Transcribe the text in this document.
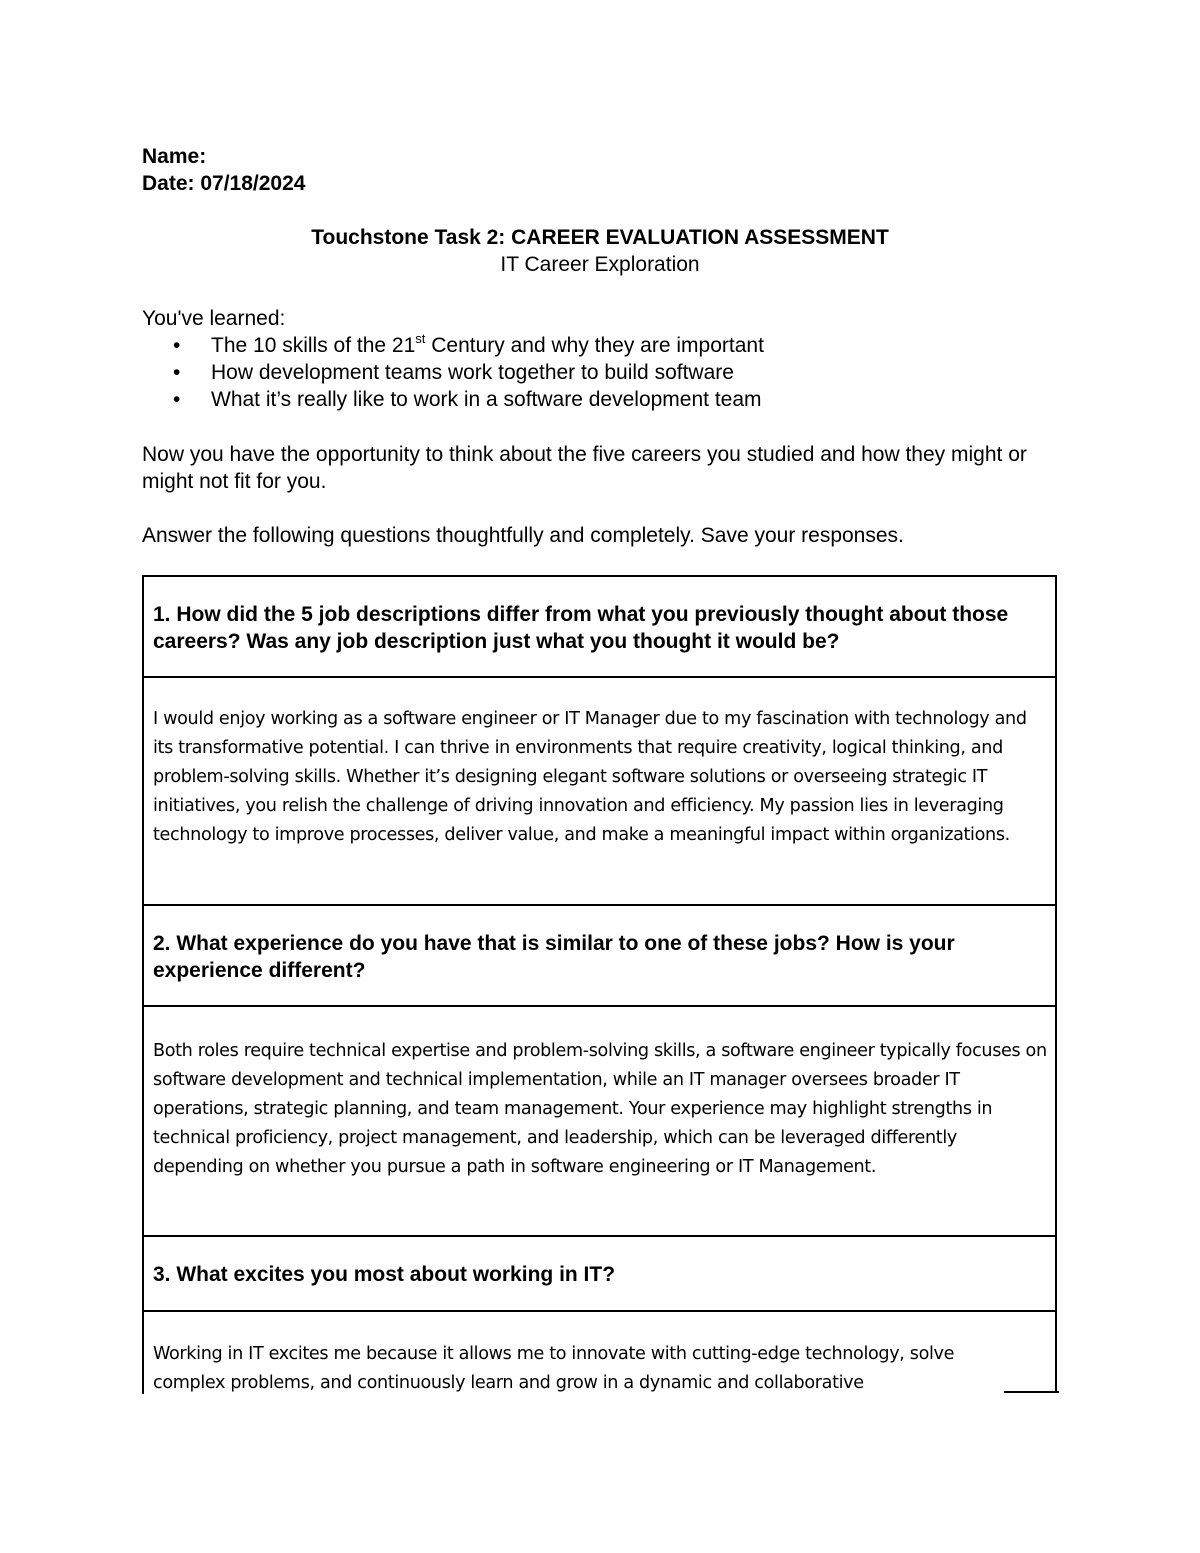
Name:
Date: 07/18/2024
Touchstone Task 2: CAREER EVALUATION ASSESSMENT
IT Career Exploration
You've learned:
• The 10 skills of the 21st Century and why they are important
• How development teams work together to build software
• What it’s really like to work in a software development team
Now you have the opportunity to think about the five careers you studied and how they might or might not fit for you.
Answer the following questions thoughtfully and completely. Save your responses.
1. How did the 5 job descriptions differ from what you previously thought about those careers? Was any job description just what you thought it would be?
I would enjoy working as a software engineer or IT Manager due to my fascination with technology and its transformative potential. I can thrive in environments that require creativity, logical thinking, and problem-solving skills. Whether it’s designing elegant software solutions or overseeing strategic IT initiatives, you relish the challenge of driving innovation and efficiency. My passion lies in leveraging technology to improve processes, deliver value, and make a meaningful impact within organizations.
2. What experience do you have that is similar to one of these jobs? How is your experience different?
Both roles require technical expertise and problem-solving skills, a software engineer typically focuses on software development and technical implementation, while an IT manager oversees broader IT operations, strategic planning, and team management. Your experience may highlight strengths in technical proficiency, project management, and leadership, which can be leveraged differently depending on whether you pursue a path in software engineering or IT Management.
3. What excites you most about working in IT?
Working in IT excites me because it allows me to innovate with cutting-edge technology, solve complex problems, and continuously learn and grow in a dynamic and collaborative
